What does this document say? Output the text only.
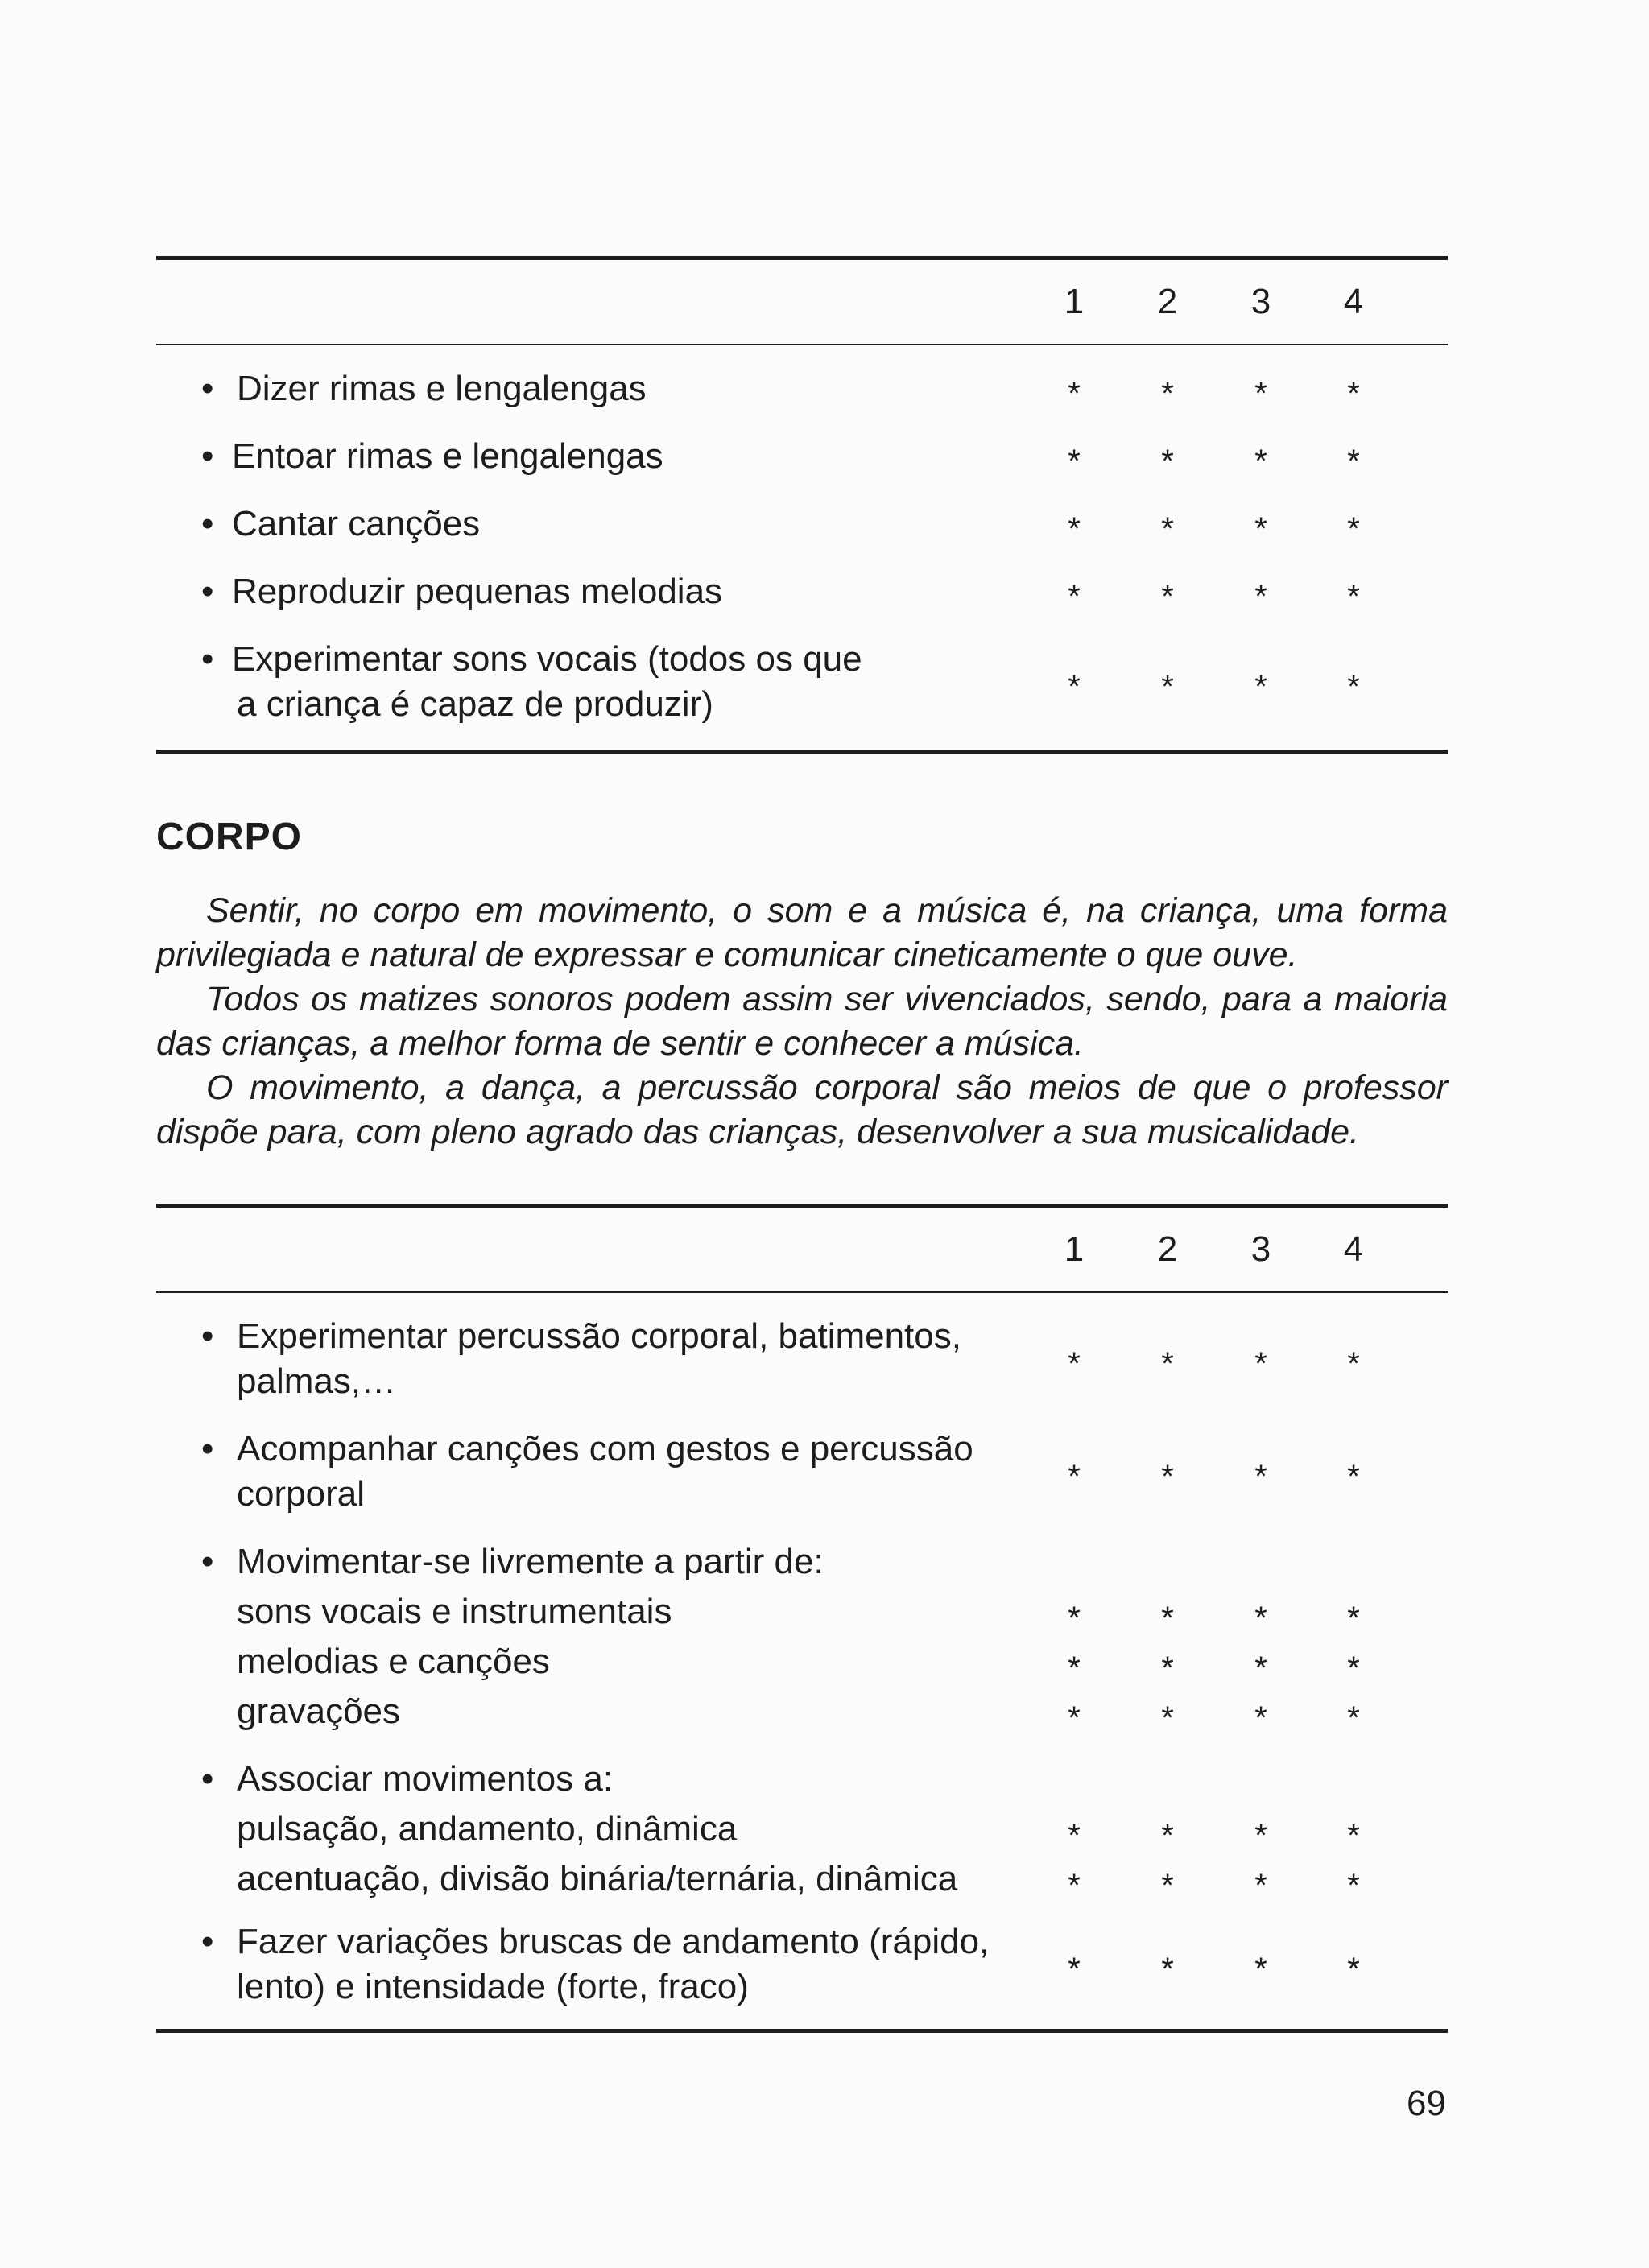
1	2	3	4
• Dizer rimas e lengalengas	*	*	*	*
• Entoar rimas e lengalengas	*	*	*	*
• Cantar canções	*	*	*	*
• Reproduzir pequenas melodias	*	*	*	*
• Experimentar sons vocais (todos os que
a criança é capaz de produzir)	*	*	*	*
CORPO

Sentir, no corpo em movimento, o som e a música é, na criança, uma forma privilegiada e natural de expressar e comunicar cineticamente o que ouve.

Todos os matizes sonoros podem assim ser vivenciados, sendo, para a maioria das crianças, a melhor forma de sentir e conhecer a música.

O movimento, a dança, a percussão corporal são meios de que o professor dispõe para, com pleno agrado das crianças, desenvolver a sua musicalidade.

1	2	3	4
• Experimentar percussão corporal, batimentos,
palmas,…	*	*	*	*
• Acompanhar canções com gestos e percussão
corporal	*	*	*	*
• Movimentar-se livremente a partir de:
sons vocais e instrumentais	*	*	*	*
melodias e canções	*	*	*	*
gravações	*	*	*	*
• Associar movimentos a:
pulsação, andamento, dinâmica	*	*	*	*
acentuação, divisão binária/ternária, dinâmica	*	*	*	*
• Fazer variações bruscas de andamento (rápido,
lento) e intensidade (forte, fraco)	*	*	*	*
69
